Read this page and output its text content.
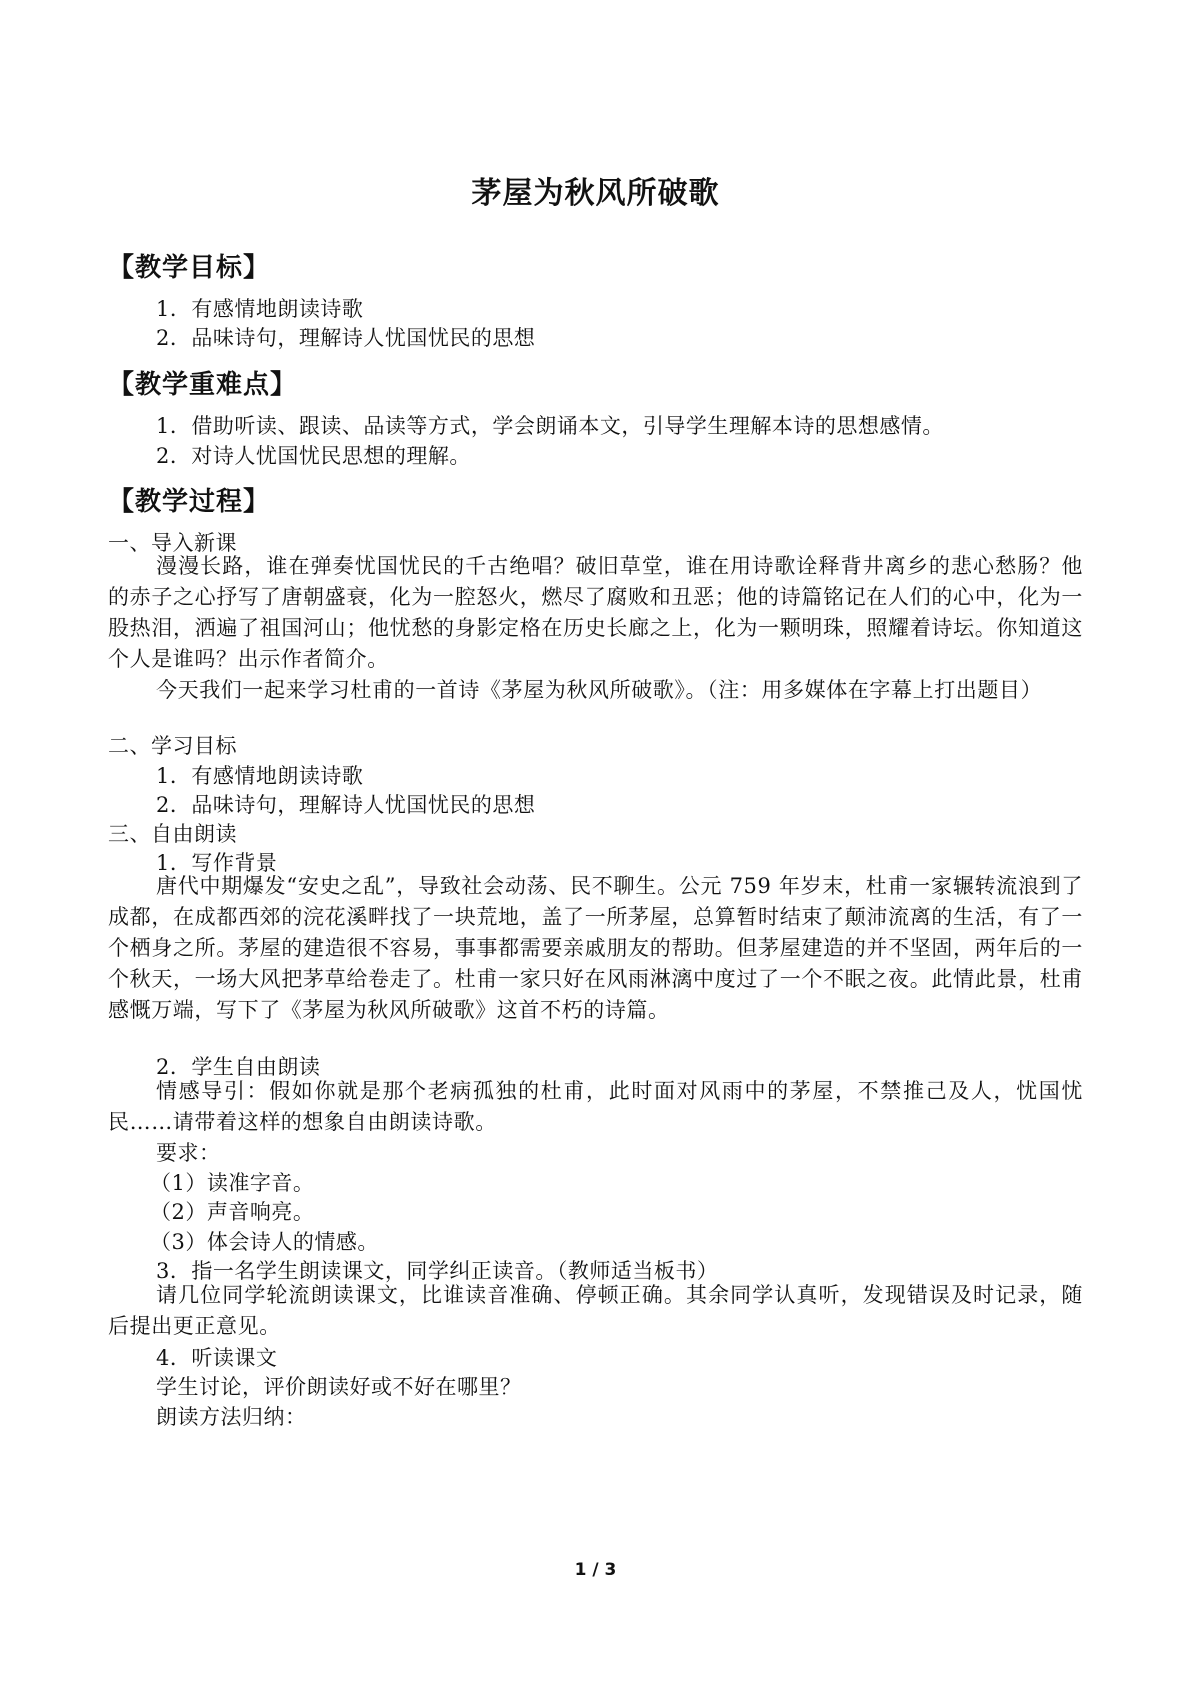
茅屋为秋风所破歌
【教学目标】
1．有感情地朗读诗歌
2．品味诗句，理解诗人忧国忧民的思想
【教学重难点】
1．借助听读、跟读、品读等方式，学会朗诵本文，引导学生理解本诗的思想感情。
2．对诗人忧国忧民思想的理解。
【教学过程】
一、导入新课
漫漫长路，谁在弹奏忧国忧民的千古绝唱？破旧草堂，谁在用诗歌诠释背井离乡的悲心愁肠？他的赤子之心抒写了唐朝盛衰，化为一腔怒火，燃尽了腐败和丑恶；他的诗篇铭记在人们的心中，化为一股热泪，洒遍了祖国河山；他忧愁的身影定格在历史长廊之上，化为一颗明珠，照耀着诗坛。你知道这个人是谁吗？出示作者简介。
今天我们一起来学习杜甫的一首诗《茅屋为秋风所破歌》。（注：用多媒体在字幕上打出题目）
二、学习目标
1．有感情地朗读诗歌
2．品味诗句，理解诗人忧国忧民的思想
三、自由朗读
1．写作背景
唐代中期爆发“安史之乱”，导致社会动荡、民不聊生。公元 759 年岁末，杜甫一家辗转流浪到了成都，在成都西郊的浣花溪畔找了一块荒地，盖了一所茅屋，总算暂时结束了颠沛流离的生活，有了一个栖身之所。茅屋的建造很不容易，事事都需要亲戚朋友的帮助。但茅屋建造的并不坚固，两年后的一个秋天，一场大风把茅草给卷走了。杜甫一家只好在风雨淋漓中度过了一个不眠之夜。此情此景，杜甫感慨万端，写下了《茅屋为秋风所破歌》这首不朽的诗篇。
2．学生自由朗读
情感导引：假如你就是那个老病孤独的杜甫，此时面对风雨中的茅屋，不禁推己及人，忧国忧民……请带着这样的想象自由朗读诗歌。
要求：
（1）读准字音。
（2）声音响亮。
（3）体会诗人的情感。
3．指一名学生朗读课文，同学纠正读音。（教师适当板书）
请几位同学轮流朗读课文，比谁读音准确、停顿正确。其余同学认真听，发现错误及时记录，随后提出更正意见。
4．听读课文
学生讨论，评价朗读好或不好在哪里？
朗读方法归纳：
1 / 3
